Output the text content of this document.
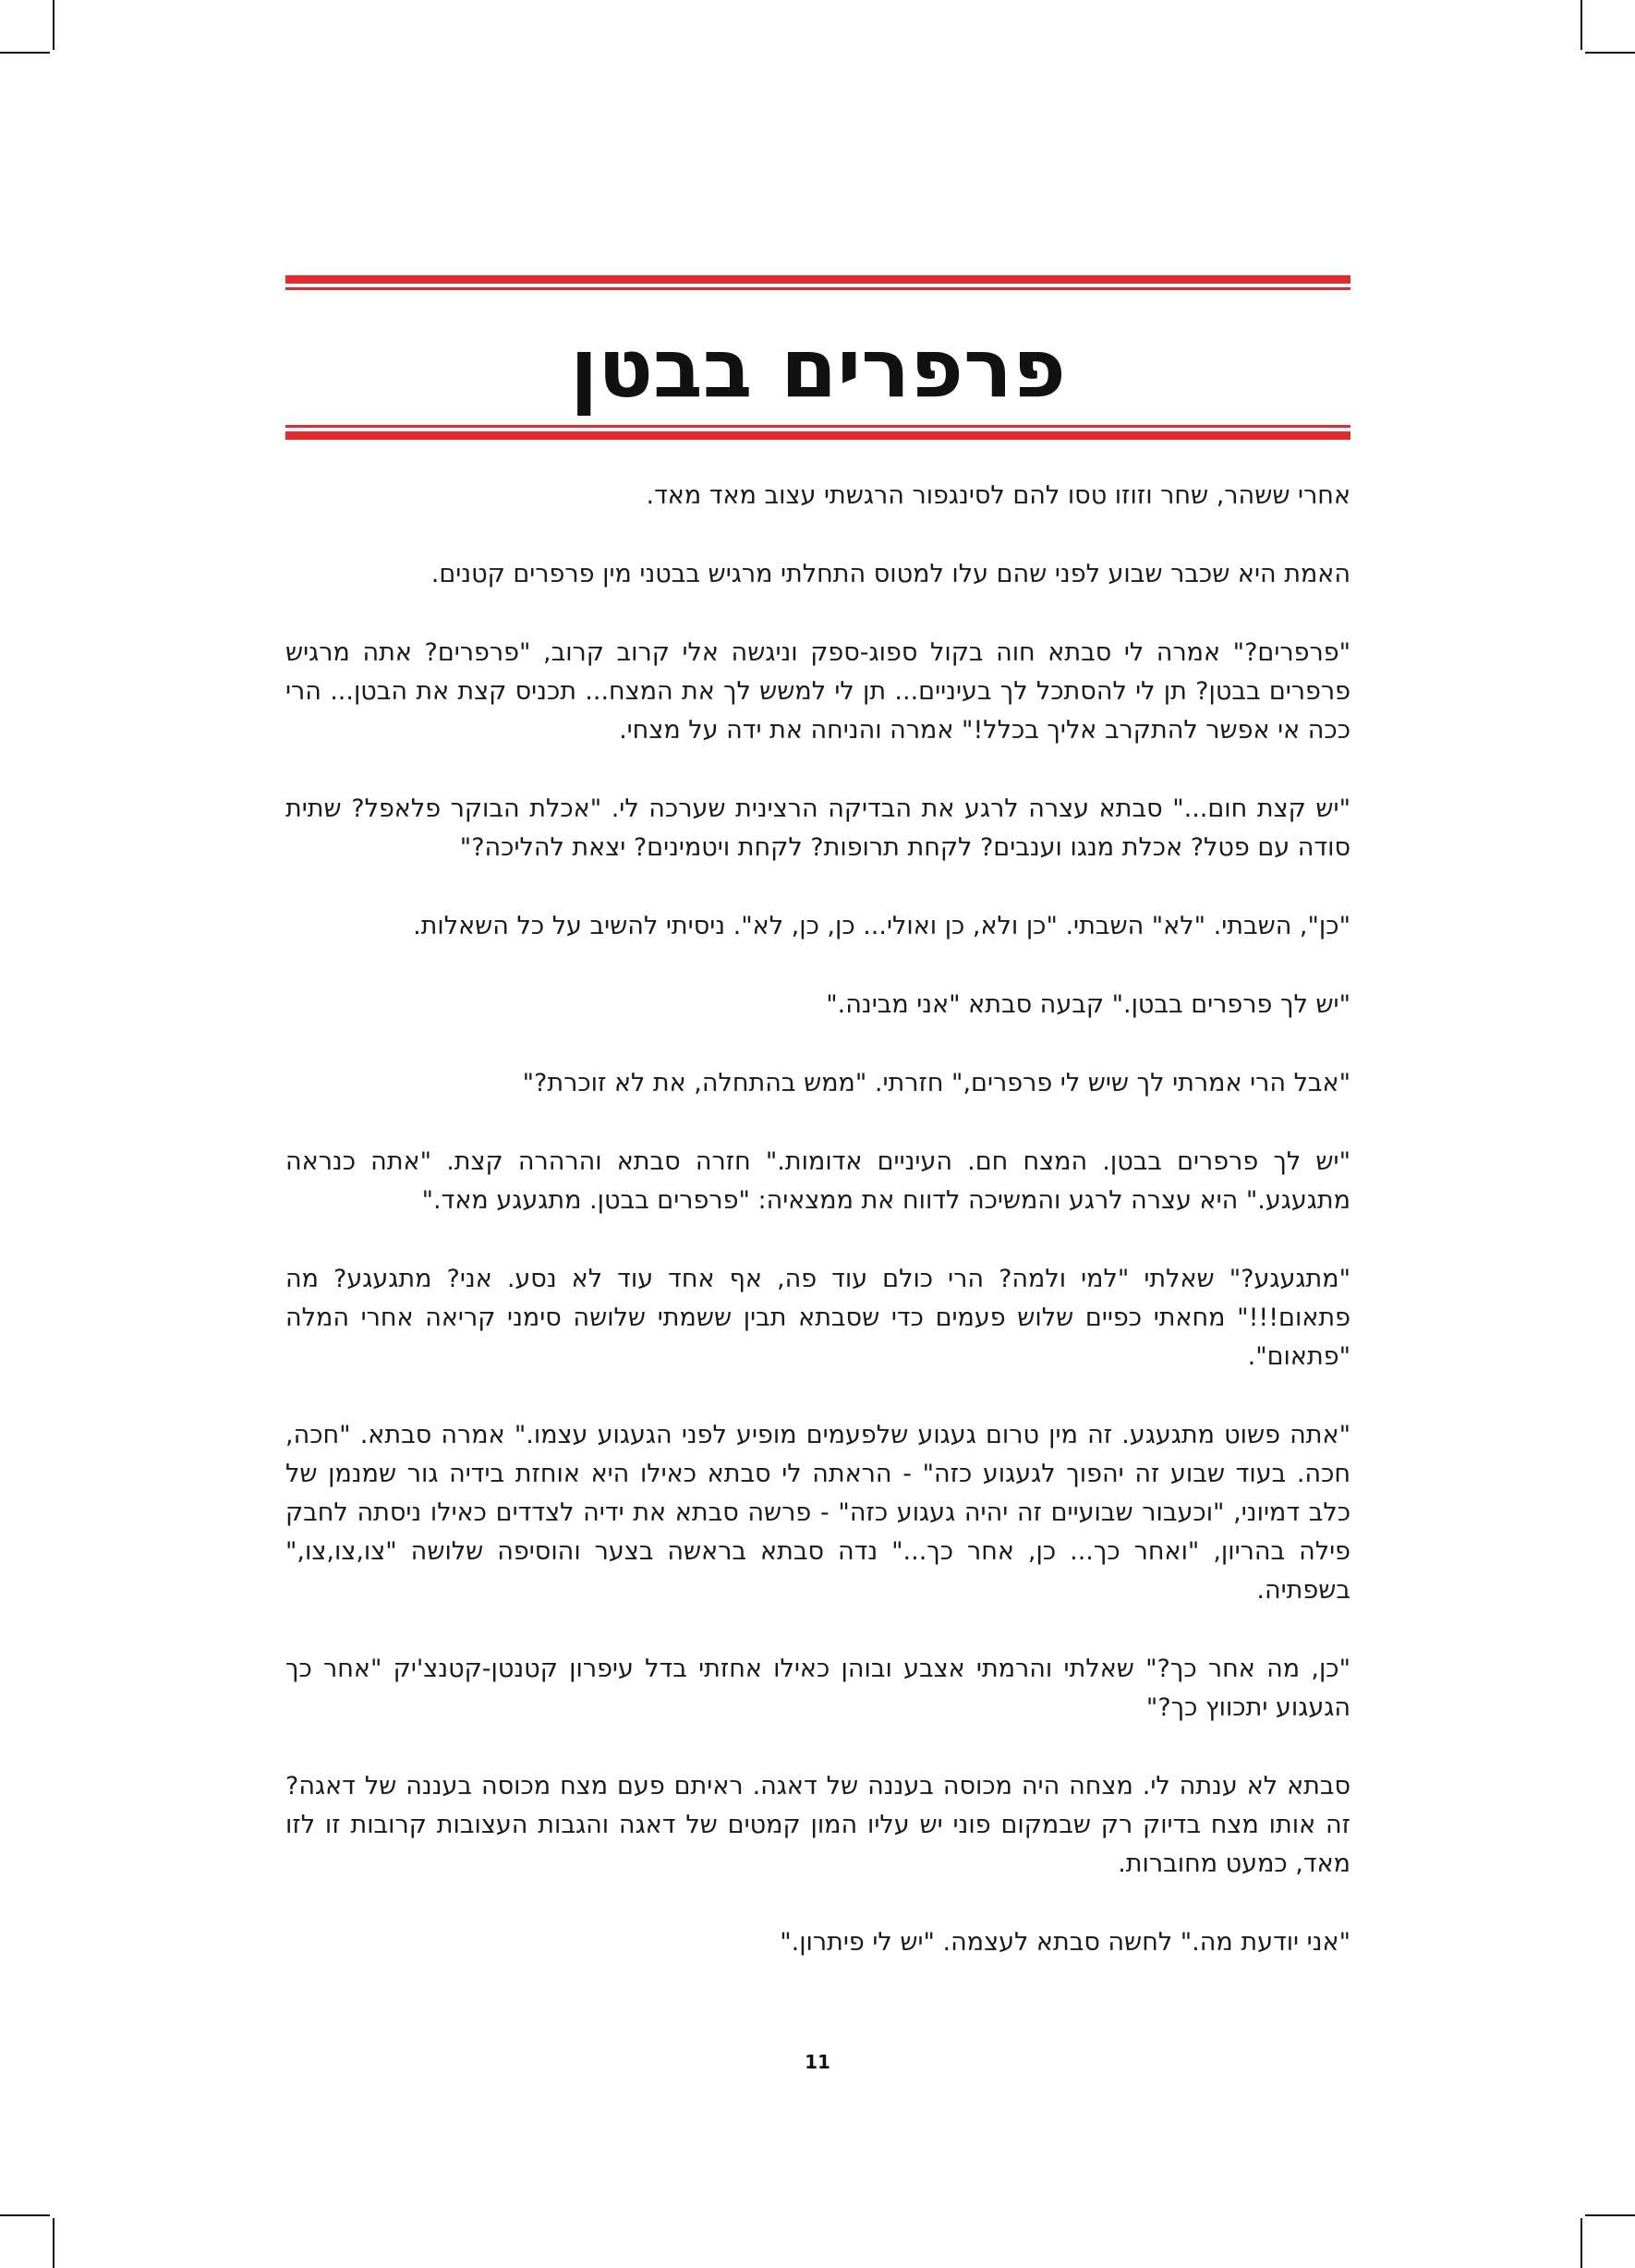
פרפרים בבטן

אחרי ששהר, שחר וזוזו טסו להם לסינגפור הרגשתי עצוב מאד מאד.

האמת היא שכבר שבוע לפני שהם עלו למטוס התחלתי מרגיש בבטני מין פרפרים קטנים.

"פרפרים?" אמרה לי סבתא חוה בקול ספוג-ספק וניגשה אלי קרוב קרוב, "פרפרים? אתה מרגיש פרפרים בבטן? תן לי להסתכל לך בעיניים... תן לי למשש לך את המצח... תכניס קצת את הבטן... הרי ככה אי אפשר להתקרב אליך בכלל!" אמרה והניחה את ידה על מצחי.

"יש קצת חום..." סבתא עצרה לרגע את הבדיקה הרצינית שערכה לי. "אכלת הבוקר פלאפל? שתית סודה עם פטל? אכלת מנגו וענבים? לקחת תרופות? לקחת ויטמינים? יצאת להליכה?"

"כן", השבתי. "לא" השבתי. "כן ולא, כן ואולי... כן, כן, לא". ניסיתי להשיב על כל השאלות.

"יש לך פרפרים בבטן." קבעה סבתא "אני מבינה."

"אבל הרי אמרתי לך שיש לי פרפרים," חזרתי. "ממש בהתחלה, את לא זוכרת?"

"יש לך פרפרים בבטן. המצח חם. העיניים אדומות." חזרה סבתא והרהרה קצת. "אתה כנראה מתגעגע." היא עצרה לרגע והמשיכה לדווח את ממצאיה: "פרפרים בבטן. מתגעגע מאד."

"מתגעגע?" שאלתי "למי ולמה? הרי כולם עוד פה, אף אחד עוד לא נסע. אני? מתגעגע? מה פתאום!!!" מחאתי כפיים שלוש פעמים כדי שסבתא תבין ששמתי שלושה סימני קריאה אחרי המלה "פתאום".

"אתה פשוט מתגעגע. זה מין טרום געגוע שלפעמים מופיע לפני הגעגוע עצמו." אמרה סבתא. "חכה, חכה. בעוד שבוע זה יהפוך לגעגוע כזה" - הראתה לי סבתא כאילו היא אוחזת בידיה גור שמנמן של כלב דמיוני, "וכעבור שבועיים זה יהיה געגוע כזה" - פרשה סבתא את ידיה לצדדים כאילו ניסתה לחבק פילה בהריון, "ואחר כך... כן, אחר כך..." נדה סבתא בראשה בצער והוסיפה שלושה "צו,צו,צו," בשפתיה.

"כן, מה אחר כך?" שאלתי והרמתי אצבע ובוהן כאילו אחזתי בדל עיפרון קטנטן-קטנצ'יק "אחר כך הגעגוע יתכווץ כך?"

סבתא לא ענתה לי. מצחה היה מכוסה בעננה של דאגה. ראיתם פעם מצח מכוסה בעננה של דאגה? זה אותו מצח בדיוק רק שבמקום פוני יש עליו המון קמטים של דאגה והגבות העצובות קרובות זו לזו מאד, כמעט מחוברות.

"אני יודעת מה." לחשה סבתא לעצמה. "יש לי פיתרון."

11
